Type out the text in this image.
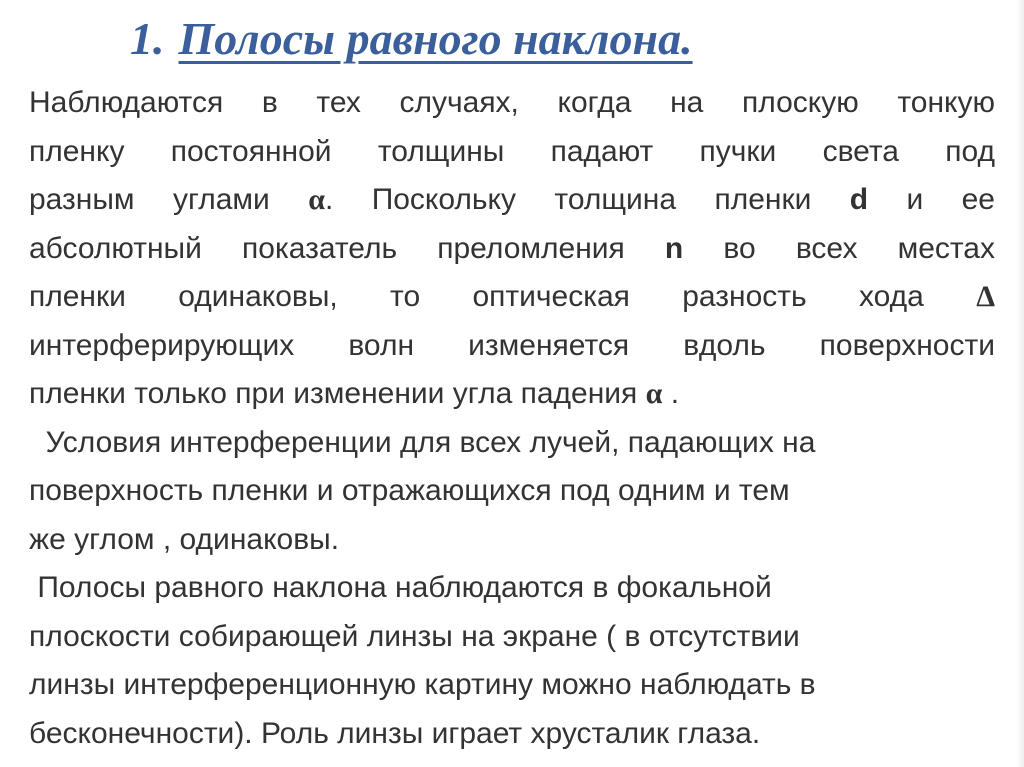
1. Полосы равного наклона.
Наблюдаются в тех случаях, когда на плоскую тонкую
пленку постоянной толщины падают пучки света под
разным углами α. Поскольку толщина пленки d и ее
абсолютный показатель преломления n во всех местах
пленки одинаковы, то оптическая разность хода Δ
интерферирующих волн изменяется вдоль поверхности
пленки только при изменении угла падения α .
Условия интерференции для всех лучей, падающих на
поверхность пленки и отражающихся под одним и тем
же углом , одинаковы.
Полосы равного наклона наблюдаются в фокальной
плоскости собирающей линзы на экране ( в отсутствии
линзы интерференционную картину можно наблюдать в
бесконечности). Роль линзы играет хрусталик глаза.
